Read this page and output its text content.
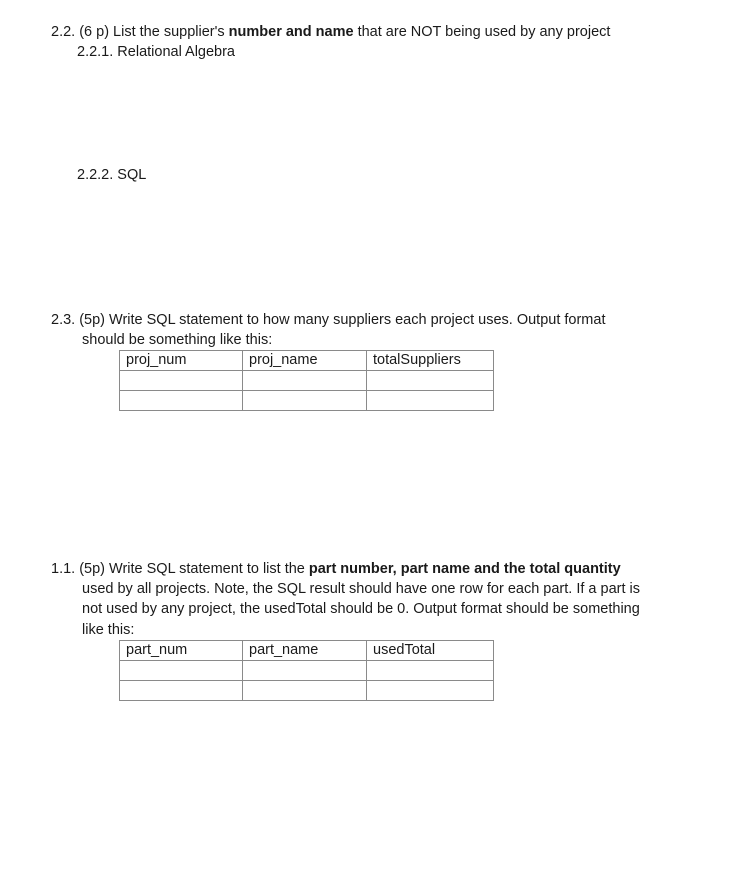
2.2. (6 p) List the supplier's number and name that are NOT being used by any project
2.2.1. Relational Algebra
2.2.2. SQL
2.3. (5p) Write SQL statement to how many suppliers each project uses. Output format
should be something like this:
proj_num	proj_name	totalSuppliers

1.1. (5p) Write SQL statement to list the part number, part name and the total quantity
used by all projects. Note, the SQL result should have one row for each part. If a part is
not used by any project, the usedTotal should be 0. Output format should be something
like this:
part_num	part_name	usedTotal
